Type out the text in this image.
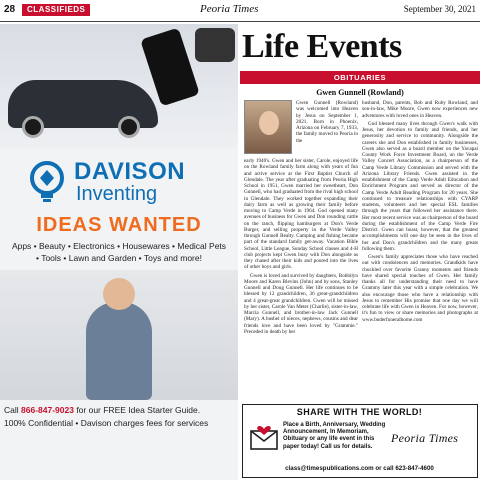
28	CLASSIFIEDS	Peoria Times	September 30, 2021
DAVISON
Inventing
IDEAS WANTED
Apps • Beauty • Electronics • Housewares • Medical Pets • Tools • Lawn and Garden • Toys and more!
Call 866-847-9023 for our FREE Idea Starter Guide.
100% Confidential • Davison charges fees for services
Life Events
OBITUARIES
Gwen Gunnell (Rowland)

Gwen Gunnell (Rowland) was welcomed into Heaven by Jesus on September 1, 2021. Born in Phoenix, Arizona on February 7, 1933, the family moved to Peoria in the

early 1940's. Gwen and her sister, Carole, enjoyed life on the Rowland family farm along with years of fun and active service at the First Baptist Church of Glendale. The year after graduating from Peoria High School in 1951, Gwen married her sweetheart, Don Gunnell, who had graduated from the rival high school in Glendale. They worked together expanding their dairy farm as well as growing their family before moving to Camp Verde in 1964. God opened many avenues of business for Gwen and Don rounding cattle on the ranch, flipping hamburgers at Don's Verde Burger, and selling property in the Verde Valley through Gunnell Realty. Camping and fishing became part of the standard family get-away. Vacation Bible School, Little League, Sunday School classes and 4-H club projects kept Gwen busy with Don alongside as they chased after their kids and poured into the lives of other boys and girls.

Gwen is loved and survived by daughters, Bobbilyn Moore and Karen Blevins (John) and by sons, Stanley Gunnell and Doug Gunnell. Her life continues to be blessed by 12 grandchildren, 36 great-grandchildren and 4 great-great grandchildren. Gwen will be missed by her sister, Carole Van Meter (Charlie), sister-in-law, Marcia Gunnell, and brother-in-law Jack Gunnell (Mary). A bushel of nieces, nephews, cousins and dear friends love and have been loved by "Grammie." Preceded in death by her

husband, Don, parents, Bob and Ruby Rowland, and son-in-law, Mike Moore, Gwen now experiences new adventures with loved ones in Heaven.

God blessed many lives through Gwen's walk with Jesus, her devotion to family and friends, and her generosity and service to community. Alongside the careers she and Don established in family businesses, Gwen also served as a board member on the Yavapai County Work Force Investment Board, on the Verde Valley Concert Association, as a chairperson of the Camp Verde Library Commission and served with the Arizona Library Friends. Gwen assisted in the establishment of the Camp Verde Adult Education and Enrichment Program and served as director of the Camp Verde Adult Reading Program for 20 years. She continued to treasure relationships with CYARP students, volunteers and her special ESL families through the years that followed her assistance there. Her most recent service was as chairperson of the board during the establishment of the Camp Verde Fire District. Gwen can boast, however, that the greatest accomplishments will one day be seen in the lives of her and Don's grandchildren and the many greats following them.

Gwen's family appreciates those who have reached out with condolences and memories. Grandkids have chuckled over favorite Granny moments and friends have shared special touches of Gwen. Her family thanks all for understanding their need to have Grammy later this year with a simple celebration. We also encourage those who have a relationship with Jesus to remember His promise that one day we will celebrate life with Gwen in Heaven. For now, however, it's fun to view or share memories and photographs at www.buderfuneralhome.com

SHARE WITH THE WORLD!
Place a Birth, Anniversary, Wedding Announcement, In Memoriam, Obituary or any life event in this paper today! Call us for details.
Peoria Times
class@timespublications.com or call 623-847-4600
